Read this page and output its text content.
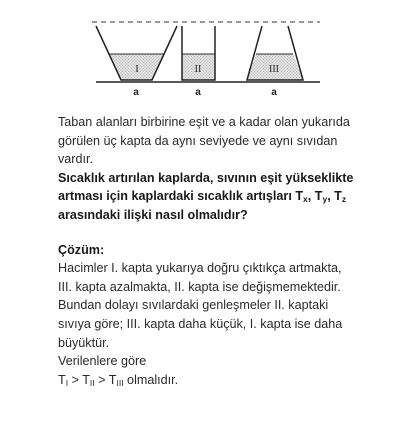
I
a
II
a
III
a

Taban alanları birbirine eşit ve a kadar olan yukarıda

görülen üç kapta da aynı seviyede ve aynı sıvıdan

vardır.

Sıcaklık artırılan kaplarda, sıvının eşit yükseklikte

artması için kaplardaki sıcaklık artışları $T_x$, $T_y$, $T_z$

arasındaki ilişki nasıl olmalıdır?

Çözüm:

Hacimler I. kapta yukarıya doğru çıktıkça artmakta,

III. kapta azalmakta, II. kapta ise değişmemektedir.

Bundan dolayı sıvılardaki genleşmeler II. kaptaki

sıvıya göre; III. kapta daha küçük, I. kapta ise daha

büyüktür.

Verilenlere göre

$T_I > T_{II} > T_{III}$ olmalıdır.
